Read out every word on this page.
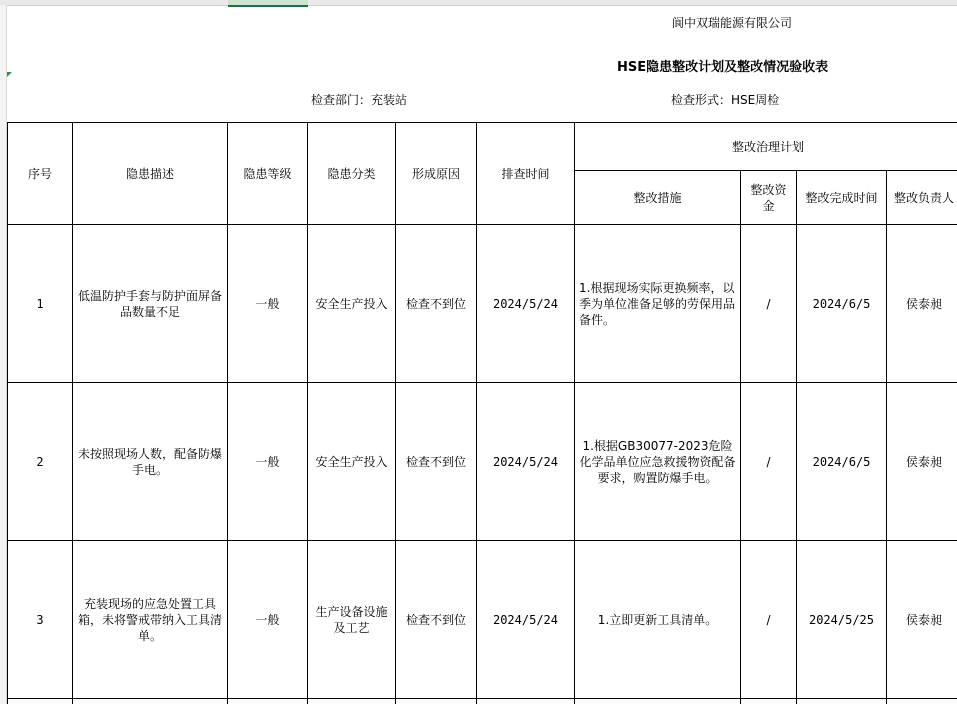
阆中双瑞能源有限公司
HSE隐患整改计划及整改情况验收表
检查部门：充装站	检查形式：HSE周检
序号	隐患描述	隐患等级	隐患分类	形成原因	排查时间	整改治理计划			
						整改措施	整改资金	整改完成时间	整改负责人
1	低温防护手套与防护面屏备品数量不足	一般	安全生产投入	检查不到位	2024/5/24	1.根据现场实际更换频率，以季为单位准备足够的劳保用品备件。	/	2024/6/5	侯泰昶
2	未按照现场人数，配备防爆手电。	一般	安全生产投入	检查不到位	2024/5/24	1.根据GB30077-2023危险化学品单位应急救援物资配备要求，购置防爆手电。	/	2024/6/5	侯泰昶
3	充装现场的应急处置工具箱，未将警戒带纳入工具清单。	一般	生产设备设施及工艺	检查不到位	2024/5/24	1.立即更新工具清单。	/	2024/5/25	侯泰昶
